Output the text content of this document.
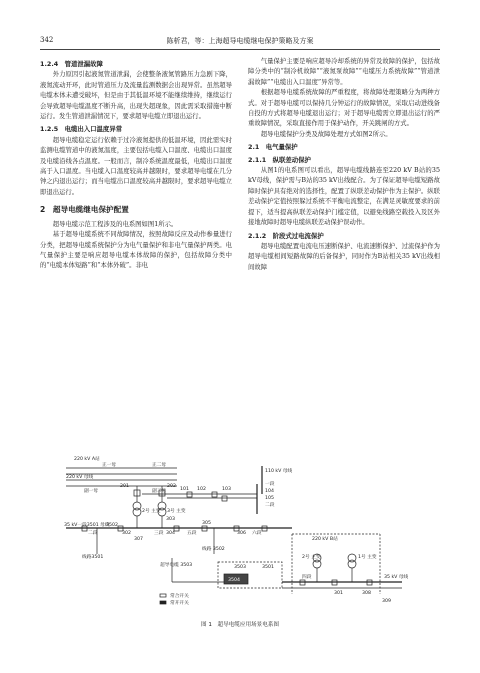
342	陈析君，等：上海超导电缆继电保护策略及方案
1.2.4　管道泄漏故障

外力原因引起液氮管道泄漏，会使整条液氮管路压力急剧下降，液氮流动开环，此时管道压力及流量监测数据会出现异常。虽然超导电缆本体未遭受破坏，但是由于其低温环境不能继续维持，继续运行会导致超导电缆温度不断升高，出现失超现象，因此需采取措施中断运行。发生管道泄漏情况下，要求超导电缆立即退出运行。

1.2.5　电缆出入口温度异常

超导电缆稳定运行依赖于过冷液氮提供的低温环境，因此需实时监测电缆管道中的液氮温度，主要包括电缆入口温度、电缆出口温度及电缆沿线各点温度。一般而言，制冷系统温度最低，电缆出口温度高于入口温度。当电缆入口温度较高并越限时，要求超导电缆在几分钟之内退出运行；而当电缆出口温度较高并越限时，要求超导电缆立即退出运行。

2　超导电缆继电保护配置

超导电缆示范工程涉及的电系图如图1所示。

基于超导电缆系统不同故障情况，按照故障反应及动作参量进行分类，把超导电缆系统保护分为电气量保护和非电气量保护两类。电气量保护主要是响应超导电缆本体故障的保护，包括故障分类中的“电缆本体短路”和“本体外破”。非电

气量保护主要是响应超导冷却系统的异常及故障的保护，包括故障分类中的“制冷机故障”“液氮泵故障”“电缆压力系统故障”“管道泄漏故障”“电缆出入口温度”异常等。

根据超导电缆系统故障的严重程度，将故障处理策略分为两种方式。对于超导电缆可以保持几分钟运行的故障情况，采取启动进线备自投的方式将超导电缆退出运行；对于超导电缆需立即退出运行的严重故障情况，采取直接作用于保护动作，开关跳闸的方式。

超导电缆保护分类及故障处理方式如图2所示。

2.1　电气量保护
2.1.1　纵联差动保护

从图1的电系图可以看出，超导电缆线路连至220 kV B站的35 kV母线，保护需与B站的35 kV出线配合。为了保证超导电缆短路故障时保护具有绝对的选择性，配置了纵联差动保护作为主保护。纵联差动保护定值按照躲过系统不平衡电流整定，在满足灵敏度要求的前提下，适当提高纵联差动保护门槛定值，以避免线路空载投入及区外接地故障时超导电缆纵联差动保护误动作。

2.1.2　阶段式过电流保护

超导电缆配置电流电压速断保护、电流速断保护、过流保护作为超导电缆相间短路故障的后备保护，同时作为B站相关35 kV出线相间故障

220 kV A站
正一母	正二母
220 kV 母线
副一母	副二母
110 kV 母线
201	202
101 102	103	104
105
一段
二段
2号 主变 3号 主变
220 kV B站
35 kV一段3501 母线
3502
303
304
302
305
306
307
308
309
二段	三段
四段
五段	六段
线路3501
线路 3502
超导电缆 3503	3503
3504
3501
2号 主变	1号 主变
35 kV 母线
301
常合开关
常开开关
图 1　超导电缆应用场景电系图
